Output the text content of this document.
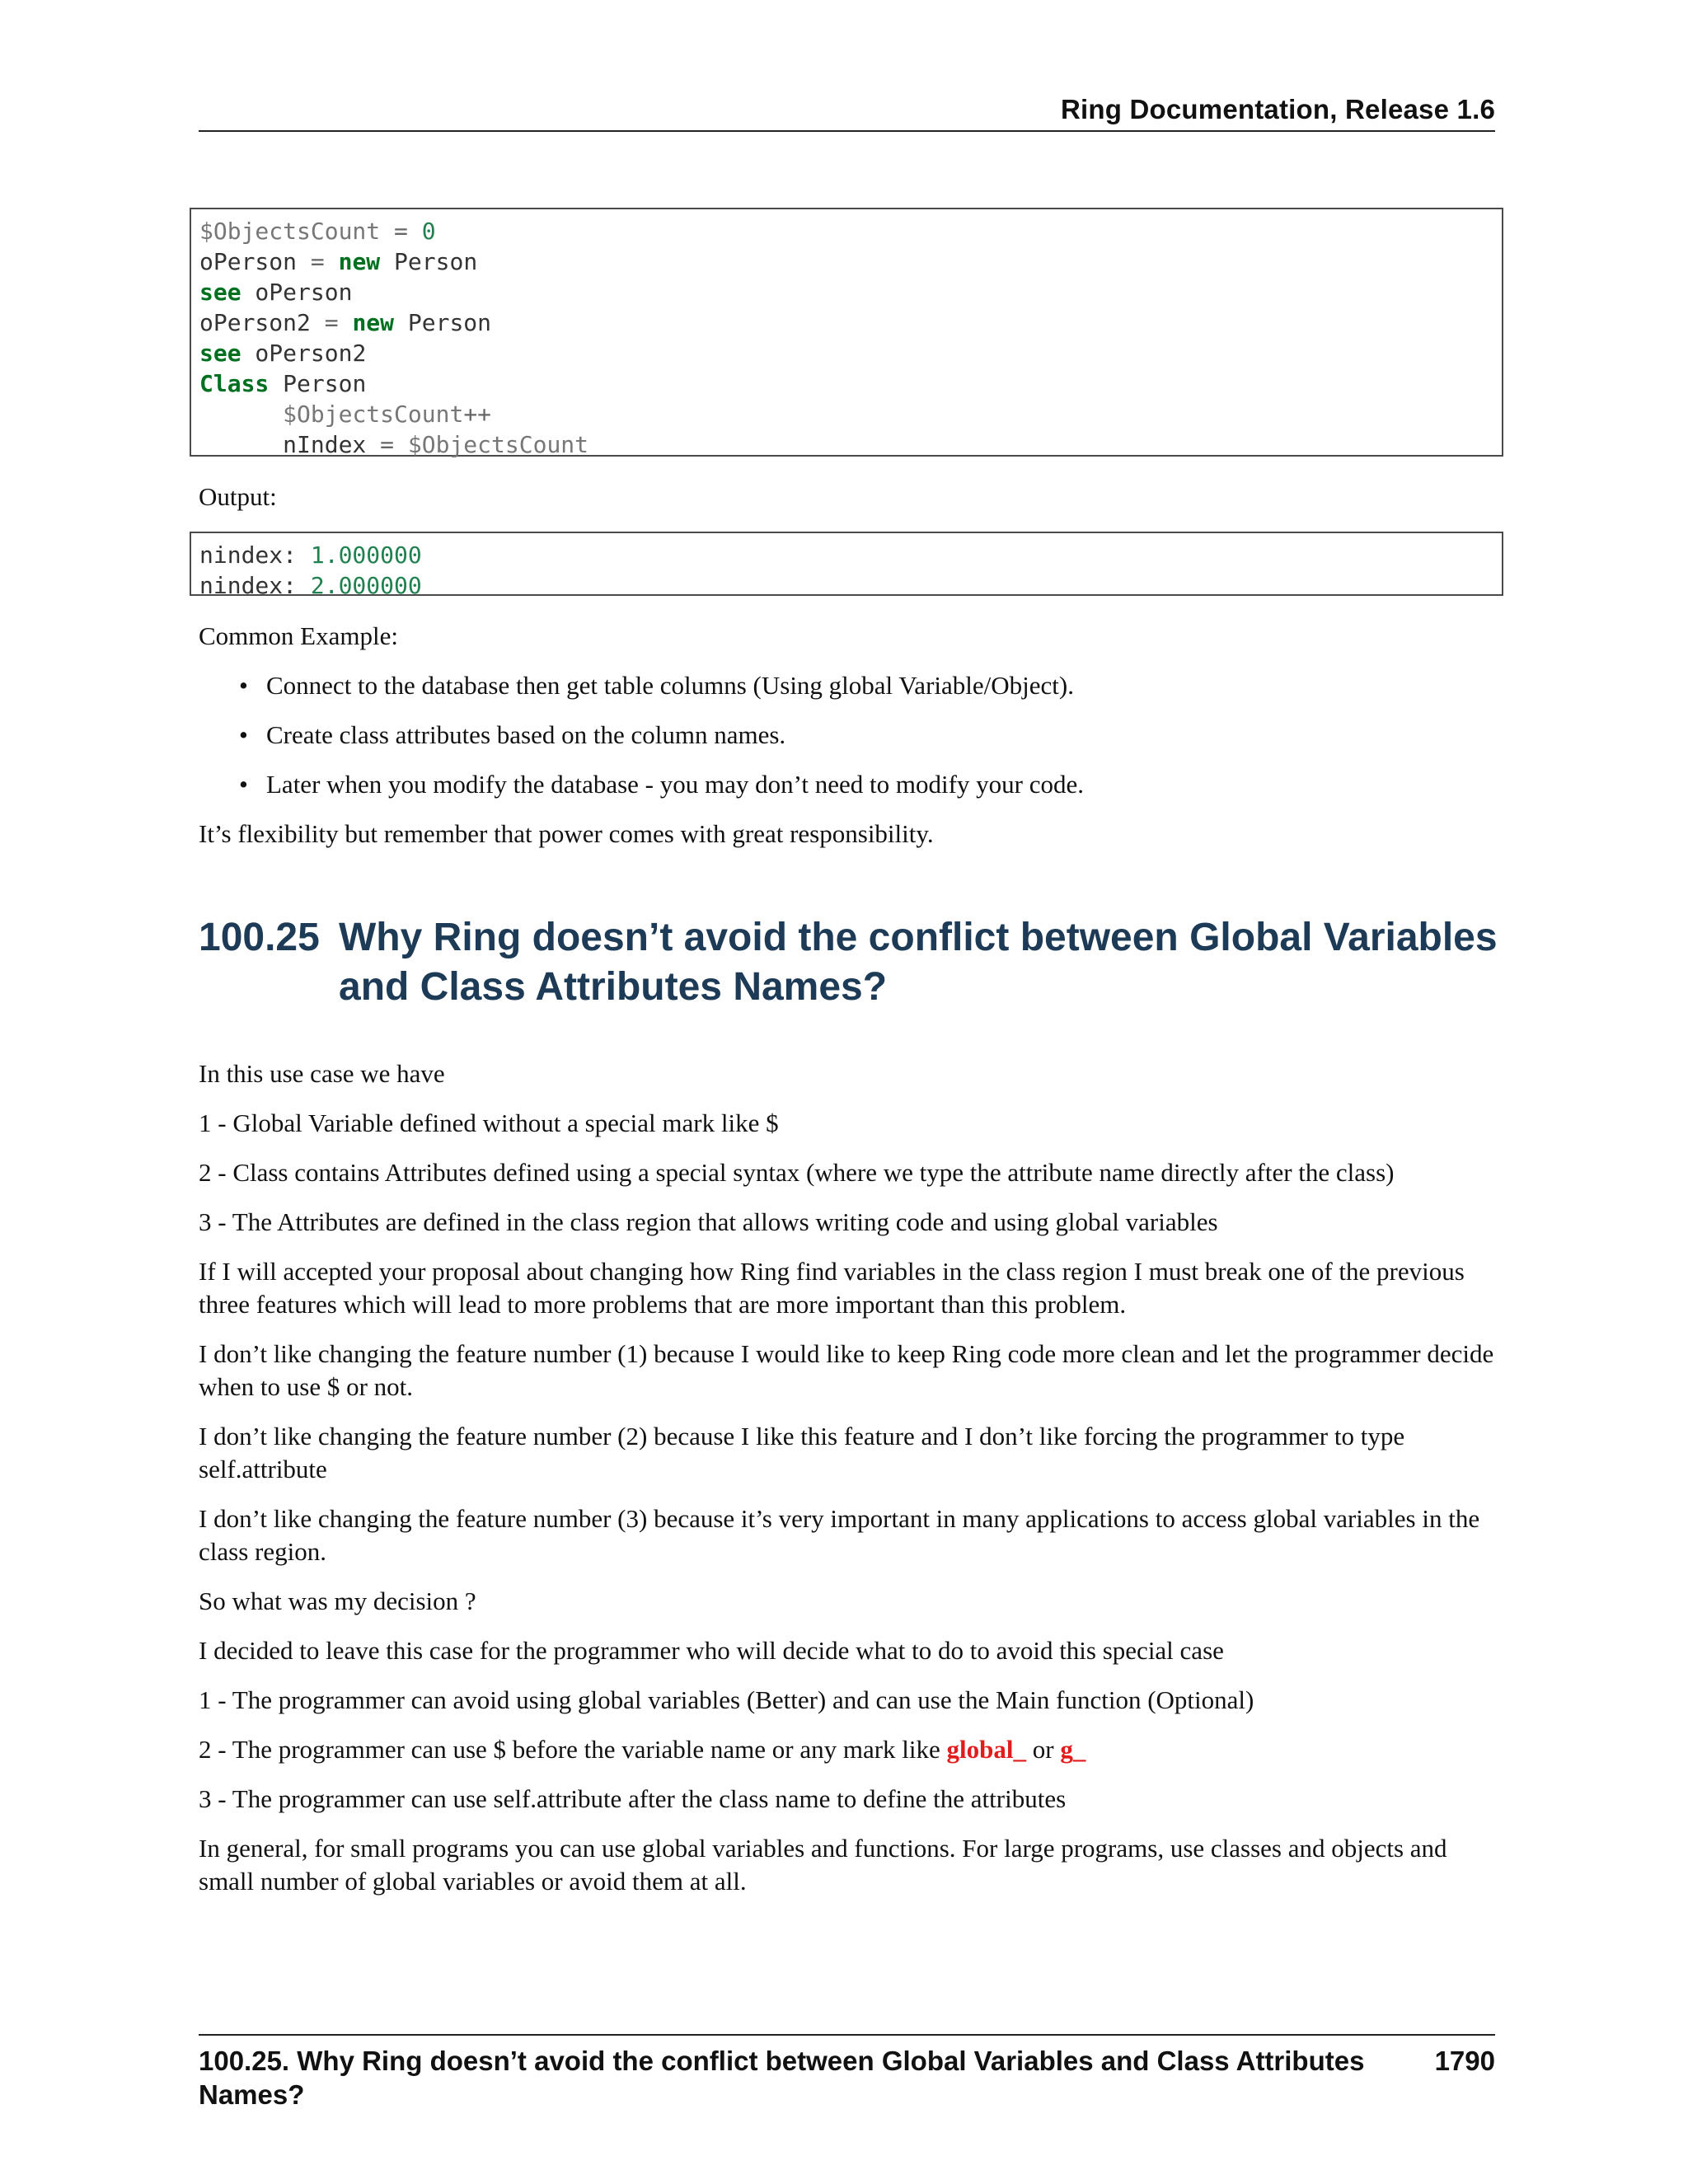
Ring Documentation, Release 1.6
$ObjectsCount = 0
oPerson = new Person
see oPerson
oPerson2 = new Person
see oPerson2
Class Person
$ObjectsCount++
nIndex = $ObjectsCount
Output:
nindex: 1.000000
nindex: 2.000000
Common Example:
• Connect to the database then get table columns (Using global Variable/Object).
• Create class attributes based on the column names.
• Later when you modify the database - you may don’t need to modify your code.
It’s flexibility but remember that power comes with great responsibility.
100.25 Why Ring doesn’t avoid the conflict between Global Variables and Class Attributes Names?
In this use case we have
1 - Global Variable defined without a special mark like $
2 - Class contains Attributes defined using a special syntax (where we type the attribute name directly after the class)
3 - The Attributes are defined in the class region that allows writing code and using global variables
If I will accepted your proposal about changing how Ring find variables in the class region I must break one of the previous three features which will lead to more problems that are more important than this problem.
I don’t like changing the feature number (1) because I would like to keep Ring code more clean and let the programmer decide when to use $ or not.
I don’t like changing the feature number (2) because I like this feature and I don’t like forcing the programmer to type self.attribute
I don’t like changing the feature number (3) because it’s very important in many applications to access global variables in the class region.
So what was my decision ?
I decided to leave this case for the programmer who will decide what to do to avoid this special case
1 - The programmer can avoid using global variables (Better) and can use the Main function (Optional)
2 - The programmer can use $ before the variable name or any mark like global_ or g_
3 - The programmer can use self.attribute after the class name to define the attributes
In general, for small programs you can use global variables and functions. For large programs, use classes and objects and small number of global variables or avoid them at all.
100.25. Why Ring doesn’t avoid the conflict between Global Variables and Class Attributes Names?
1790
